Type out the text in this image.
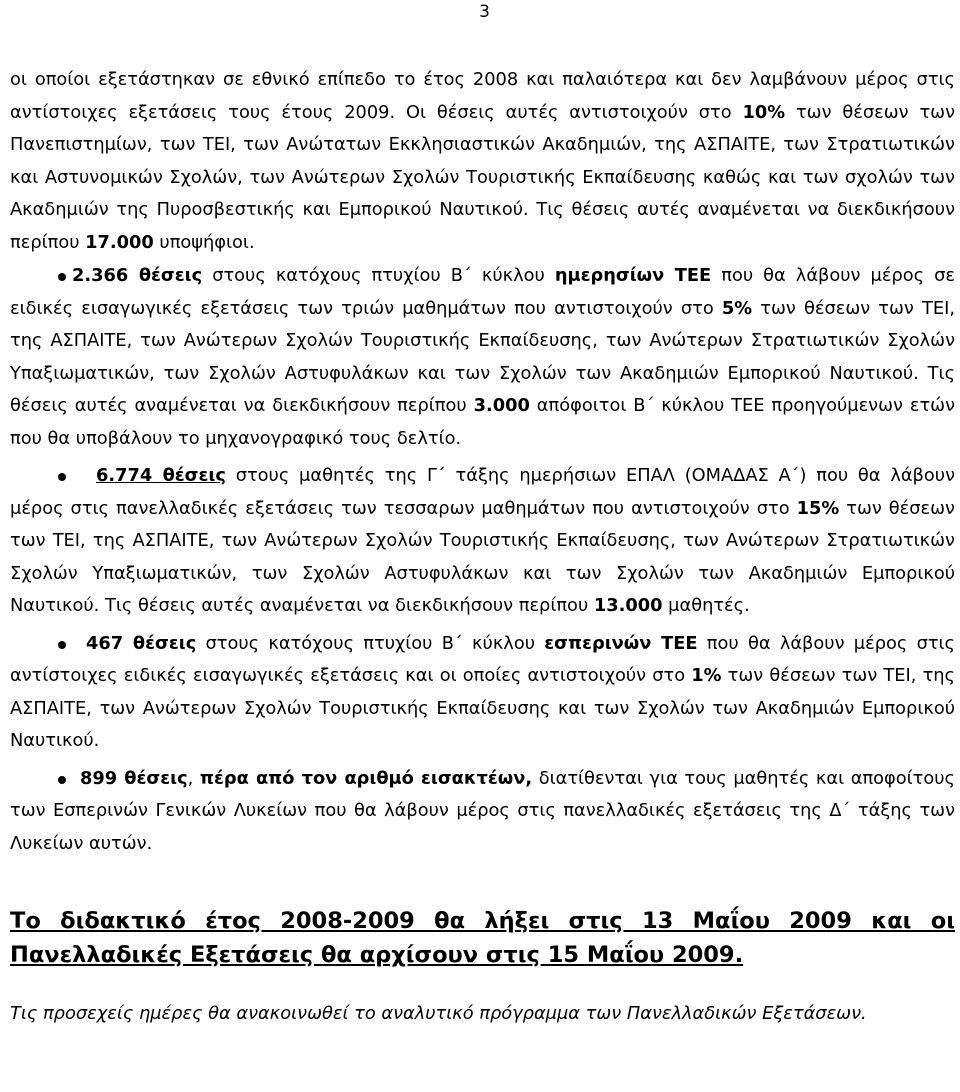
3

οι οποίοι εξετάστηκαν σε εθνικό επίπεδο το έτος 2008 και παλαιότερα και δεν λαμβάνουν μέρος στις αντίστοιχες εξετάσεις τους έτους 2009. Οι θέσεις αυτές αντιστοιχούν στο 10% των θέσεων των Πανεπιστημίων, των ΤΕΙ, των Ανώτατων Εκκλησιαστικών Ακαδημιών, της ΑΣΠΑΙΤΕ, των Στρατιωτικών και Αστυνομικών Σχολών, των Ανώτερων Σχολών Τουριστικής Εκπαίδευσης καθώς και των σχολών των Ακαδημιών της Πυροσβεστικής και Εμπορικού Ναυτικού. Τις θέσεις αυτές αναμένεται να διεκδικήσουν περίπου 17.000 υποψήφιοι.

2.366 θέσεις στους κατόχους πτυχίου Β΄ κύκλου ημερησίων ΤΕΕ που θα λάβουν μέρος σε ειδικές εισαγωγικές εξετάσεις των τριών μαθημάτων που αντιστοιχούν στο 5% των θέσεων των ΤΕΙ, της ΑΣΠΑΙΤΕ, των Ανώτερων Σχολών Τουριστικής Εκπαίδευσης, των Ανώτερων Στρατιωτικών Σχολών Υπαξιωματικών, των Σχολών Αστυφυλάκων και των Σχολών των Ακαδημιών Εμπορικού Ναυτικού. Τις θέσεις αυτές αναμένεται να διεκδικήσουν περίπου 3.000 απόφοιτοι Β΄ κύκλου ΤΕΕ προηγούμενων ετών που θα υποβάλουν το μηχανογραφικό τους δελτίο.

6.774 θέσεις στους μαθητές της Γ΄ τάξης ημερήσιων ΕΠΑΛ (ΟΜΑΔΑΣ Α΄) που θα λάβουν μέρος στις πανελλαδικές εξετάσεις των τεσσαρων μαθημάτων που αντιστοιχούν στο 15% των θέσεων των ΤΕΙ, της ΑΣΠΑΙΤΕ, των Ανώτερων Σχολών Τουριστικής Εκπαίδευσης, των Ανώτερων Στρατιωτικών Σχολών Υπαξιωματικών, των Σχολών Αστυφυλάκων και των Σχολών των Ακαδημιών Εμπορικού Ναυτικού. Τις θέσεις αυτές αναμένεται να διεκδικήσουν περίπου 13.000 μαθητές.

467 θέσεις στους κατόχους πτυχίου Β΄ κύκλου εσπερινών ΤΕΕ που θα λάβουν μέρος στις αντίστοιχες ειδικές εισαγωγικές εξετάσεις και οι οποίες αντιστοιχούν στο 1% των θέσεων των ΤΕΙ, της ΑΣΠΑΙΤΕ, των Ανώτερων Σχολών Τουριστικής Εκπαίδευσης και των Σχολών των Ακαδημιών Εμπορικού Ναυτικού.

899 θέσεις, πέρα από τον αριθμό εισακτέων, διατίθενται για τους μαθητές και αποφοίτους των Εσπερινών Γενικών Λυκείων που θα λάβουν μέρος στις πανελλαδικές εξετάσεις της Δ΄ τάξης των Λυκείων αυτών.

Το διδακτικό έτος 2008-2009 θα λήξει στις 13 Μαΐου 2009 και οι Πανελλαδικές Εξετάσεις θα αρχίσουν στις 15 Μαΐου 2009.

Τις προσεχείς ημέρες θα ανακοινωθεί το αναλυτικό πρόγραμμα των Πανελλαδικών Εξετάσεων.
